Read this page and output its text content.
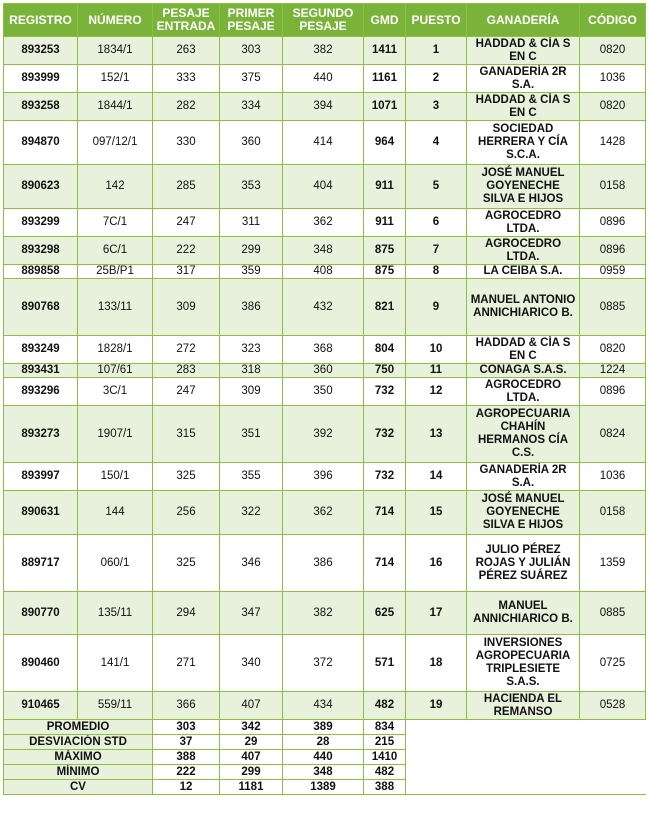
REGISTRO	NÚMERO	PESAJE ENTRADA	PRIMER PESAJE	SEGUNDO PESAJE	GMD	PUESTO	GANADERÍA	CÓDIGO
893253	1834/1	263	303	382	1411	1	HADDAD & CÍA S EN C	0820
893999	152/1	333	375	440	1161	2	GANADERÍA 2R S.A.	1036
893258	1844/1	282	334	394	1071	3	HADDAD & CÍA S EN C	0820
894870	097/12/1	330	360	414	964	4	SOCIEDAD HERRERA Y CÍA S.C.A.	1428
890623	142	285	353	404	911	5	JOSÉ MANUEL GOYENECHE SILVA E HIJOS	0158
893299	7C/1	247	311	362	911	6	AGROCEDRO LTDA.	0896
893298	6C/1	222	299	348	875	7	AGROCEDRO LTDA.	0896
889858	25B/P1	317	359	408	875	8	LA CEIBA S.A.	0959
890768	133/11	309	386	432	821	9	MANUEL ANTONIO ANNICHIARICO B.	0885
893249	1828/1	272	323	368	804	10	HADDAD & CÍA S EN C	0820
893431	107/61	283	318	360	750	11	CONAGA S.A.S.	1224
893296	3C/1	247	309	350	732	12	AGROCEDRO LTDA.	0896
893273	1907/1	315	351	392	732	13	AGROPECUARIA CHAHÍN HERMANOS CÍA C.S.	0824
893997	150/1	325	355	396	732	14	GANADERÍA 2R S.A.	1036
890631	144	256	322	362	714	15	JOSÉ MANUEL GOYENECHE SILVA E HIJOS	0158
889717	060/1	325	346	386	714	16	JULIO PÉREZ ROJAS Y JULIÁN PÉREZ SUÁREZ	1359
890770	135/11	294	347	382	625	17	MANUEL ANNICHIARICO B.	0885
890460	141/1	271	340	372	571	18	INVERSIONES AGROPECUARIA TRIPLESIETE S.A.S.	0725
910465	559/11	366	407	434	482	19	HACIENDA EL REMANSO	0528
PROMEDIO		303	342	389	834			
DESVIACIÓN STD		37	29	28	215			
MÁXIMO		388	407	440	1410			
MÍNIMO		222	299	348	482			
CV		12	1181	1389	388			
